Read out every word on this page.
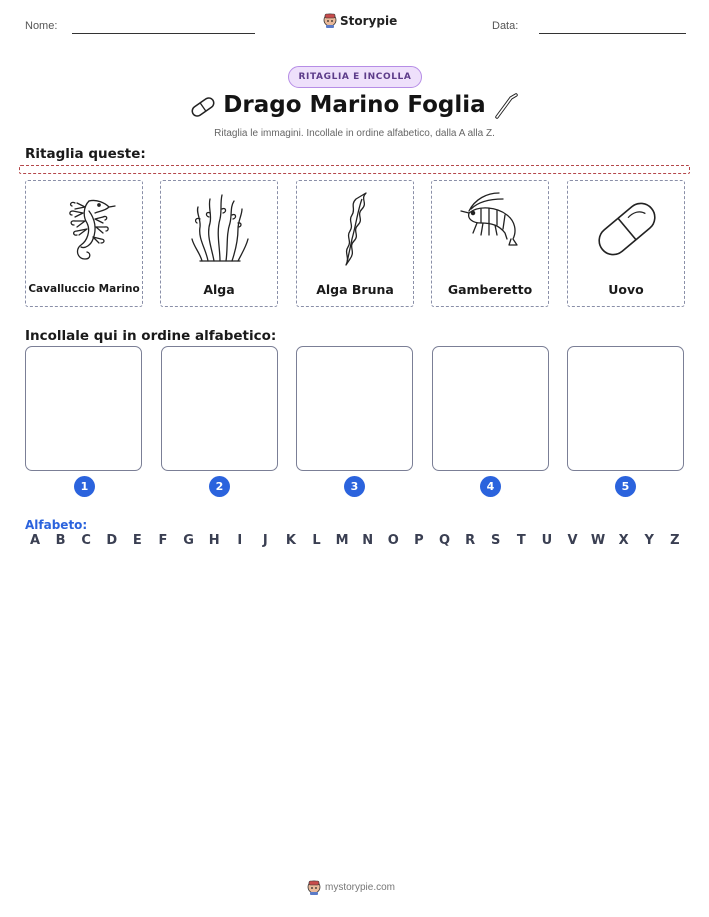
Nome:	Storypie	Data:
RITAGLIA E INCOLLA
Drago Marino Foglia
Ritaglia le immagini. Incollale in ordine alfabetico, dalla A alla Z.
Ritaglia queste:
Cavalluccio Marino	Alga	Alga Bruna	Gamberetto	Uovo
Incollale qui in ordine alfabetico:
1	2	3	4	5
Alfabeto:
A	B	C	D	E	F	G	H	I	J	K	L	M	N	O	P	Q	R	S	T	U	V	W	X	Y	Z
mystorypie.com
